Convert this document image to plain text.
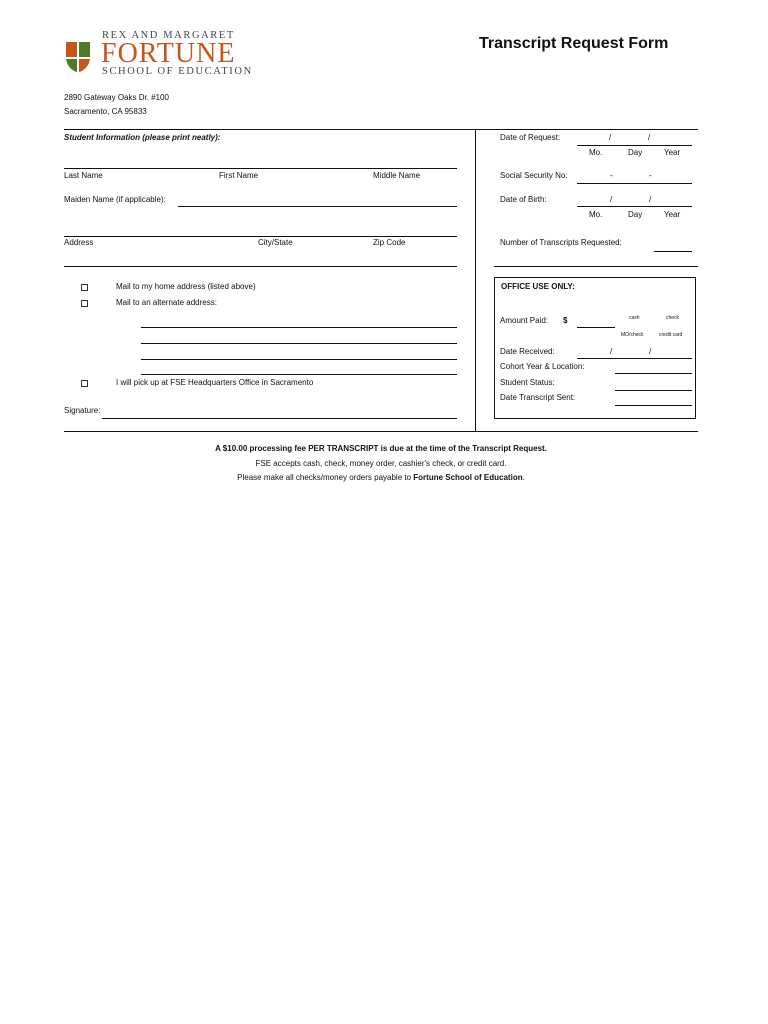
REX AND MARGARET
FORTUNE
SCHOOL OF EDUCATION
Transcript Request Form
2890 Gateway Oaks Dr. #100
Sacramento, CA 95833
Student Information (please print neatly):
Last Name	First Name	Middle Name
Maiden Name (if applicable):
Address	City/State	Zip Code
Mail to my home address (listed above)
Mail to an alternate address:
I will pick up at FSE Headquarters Office in Sacramento
Signature:
Date of Request:	/	/
Mo.	Day	Year
Social Security No:	-	-
Date of Birth:	/	/
Mo.	Day	Year
Number of Transcripts Requested:
OFFICE USE ONLY:
Amount Paid: $	cash	check
MO/check	credit card
Date Received:	/	/
Cohort Year & Location:
Student Status:
Date Transcript Sent:
A $10.00 processing fee PER TRANSCRIPT is due at the time of the Transcript Request.
FSE accepts cash, check, money order, cashier's check, or credit card.
Please make all checks/money orders payable to Fortune School of Education.
